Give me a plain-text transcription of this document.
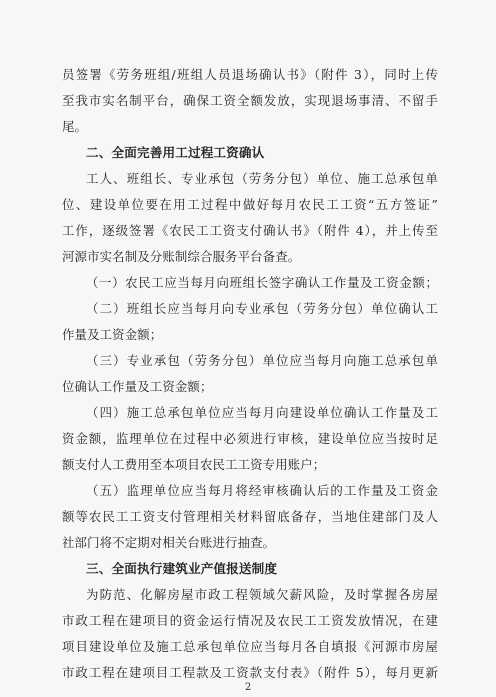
员签署《劳务班组/班组人员退场确认书》（附件 3），同时上传
至我市实名制平台，确保工资全额发放，实现退场事清、不留手
尾。
二、全面完善用工过程工资确认
工人、班组长、专业承包（劳务分包）单位、施工总承包单
位、建设单位要在用工过程中做好每月农民工工资“五方签证”
工作，逐级签署《农民工工资支付确认书》（附件 4），并上传至
河源市实名制及分账制综合服务平台备查。
（一）农民工应当每月向班组长签字确认工作量及工资金额；
（二）班组长应当每月向专业承包（劳务分包）单位确认工
作量及工资金额；
（三）专业承包（劳务分包）单位应当每月向施工总承包单
位确认工作量及工资金额；
（四）施工总承包单位应当每月向建设单位确认工作量及工
资金额，监理单位在过程中必须进行审核，建设单位应当按时足
额支付人工费用至本项目农民工工资专用账户；
（五）监理单位应当每月将经审核确认后的工作量及工资金
额等农民工工资支付管理相关材料留底备存，当地住建部门及人
社部门将不定期对相关台账进行抽查。
三、全面执行建筑业产值报送制度
为防范、化解房屋市政工程领域欠薪风险，及时掌握各房屋
市政工程在建项目的资金运行情况及农民工工资发放情况，在建
项目建设单位及施工总承包单位应当每月各自填报《河源市房屋
市政工程在建项目工程款及工资款支付表》（附件 5），每月更新
2
